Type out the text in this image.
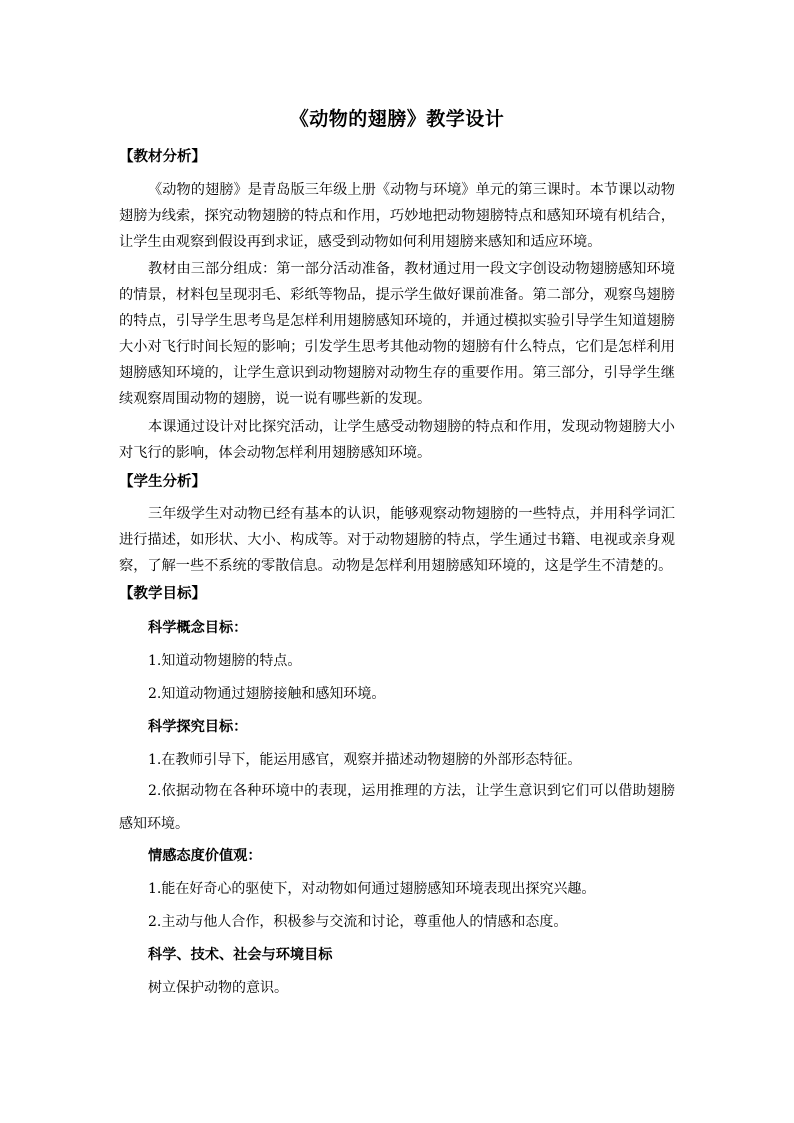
《动物的翅膀》教学设计
【教材分析】

《动物的翅膀》是青岛版三年级上册《动物与环境》单元的第三课时。本节课以动物翅膀为线索，探究动物翅膀的特点和作用，巧妙地把动物翅膀特点和感知环境有机结合，让学生由观察到假设再到求证，感受到动物如何利用翅膀来感知和适应环境。

教材由三部分组成：第一部分活动准备，教材通过用一段文字创设动物翅膀感知环境的情景，材料包呈现羽毛、彩纸等物品，提示学生做好课前准备。第二部分，观察鸟翅膀的特点，引导学生思考鸟是怎样利用翅膀感知环境的，并通过模拟实验引导学生知道翅膀大小对飞行时间长短的影响；引发学生思考其他动物的翅膀有什么特点，它们是怎样利用翅膀感知环境的，让学生意识到动物翅膀对动物生存的重要作用。第三部分，引导学生继续观察周围动物的翅膀，说一说有哪些新的发现。

本课通过设计对比探究活动，让学生感受动物翅膀的特点和作用，发现动物翅膀大小对飞行的影响，体会动物怎样利用翅膀感知环境。

【学生分析】

三年级学生对动物已经有基本的认识，能够观察动物翅膀的一些特点，并用科学词汇进行描述，如形状、大小、构成等。对于动物翅膀的特点，学生通过书籍、电视或亲身观察，了解一些不系统的零散信息。动物是怎样利用翅膀感知环境的，这是学生不清楚的。

【教学目标】
科学概念目标：
1.知道动物翅膀的特点。
2.知道动物通过翅膀接触和感知环境。
科学探究目标：
1.在教师引导下，能运用感官，观察并描述动物翅膀的外部形态特征。

2.依据动物在各种环境中的表现，运用推理的方法，让学生意识到它们可以借助翅膀感知环境。

情感态度价值观：
1.能在好奇心的驱使下，对动物如何通过翅膀感知环境表现出探究兴趣。
2.主动与他人合作，积极参与交流和讨论，尊重他人的情感和态度。
科学、技术、社会与环境目标
树立保护动物的意识。
